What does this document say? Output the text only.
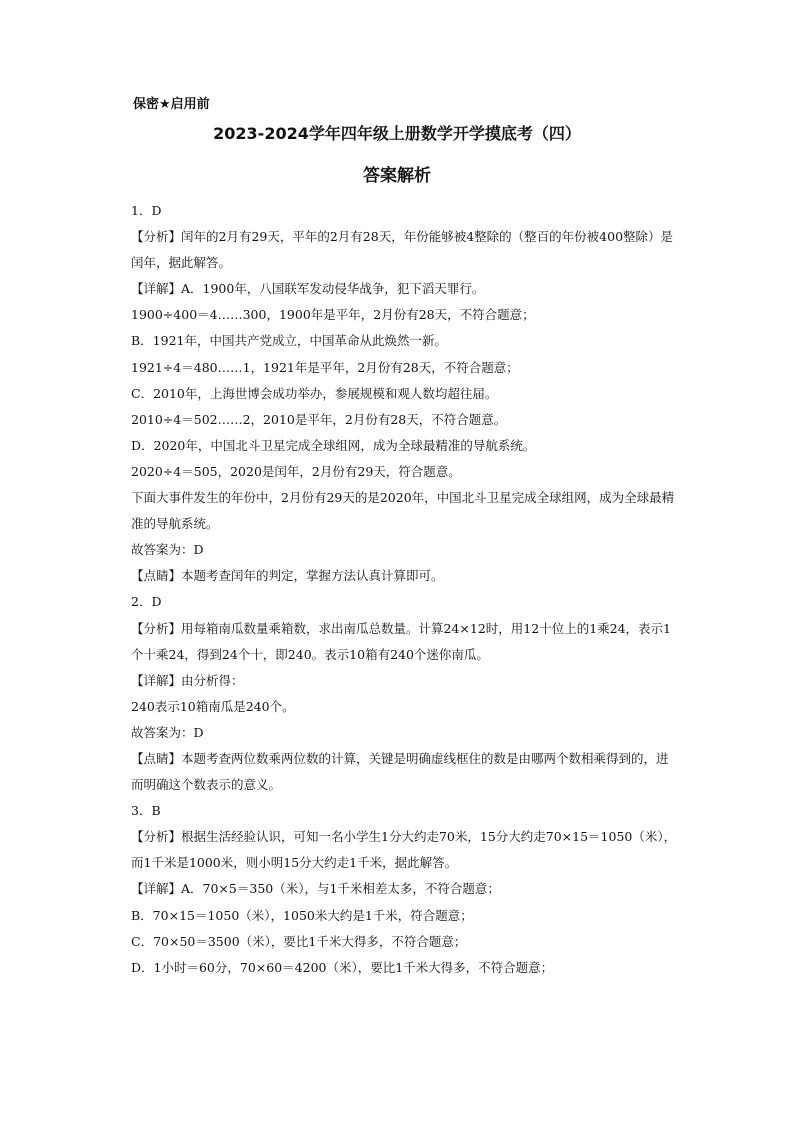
保密★启用前
2023-2024学年四年级上册数学开学摸底考（四）
答案解析

1．D

【分析】闰年的2月有29天，平年的2月有28天，年份能够被4整除的（整百的年份被400整除）是闰年，据此解答。

【详解】A．1900年，八国联军发动侵华战争，犯下滔天罪行。

1900÷400＝4……300，1900年是平年，2月份有28天，不符合题意；

B．1921年，中国共产党成立，中国革命从此焕然一新。

1921÷4＝480……1，1921年是平年，2月份有28天，不符合题意；

C．2010年，上海世博会成功举办，参展规模和观人数均超往届。

2010÷4＝502……2，2010是平年，2月份有28天，不符合题意。

D．2020年，中国北斗卫星完成全球组网，成为全球最精准的导航系统。

2020÷4＝505，2020是闰年，2月份有29天，符合题意。

下面大事件发生的年份中，2月份有29天的是2020年，中国北斗卫星完成全球组网，成为全球最精准的导航系统。

故答案为：D

【点睛】本题考查闰年的判定，掌握方法认真计算即可。

2．D

【分析】用每箱南瓜数量乘箱数，求出南瓜总数量。计算24×12时，用12十位上的1乘24，表示1个十乘24，得到24个十，即240。表示10箱有240个迷你南瓜。

【详解】由分析得：

240表示10箱南瓜是240个。

故答案为：D

【点睛】本题考查两位数乘两位数的计算，关键是明确虚线框住的数是由哪两个数相乘得到的，进而明确这个数表示的意义。

3．B

【分析】根据生活经验认识，可知一名小学生1分大约走70米，15分大约走70×15＝1050（米），而1千米是1000米，则小明15分大约走1千米，据此解答。

【详解】A．70×5＝350（米），与1千米相差太多，不符合题意；

B．70×15＝1050（米），1050米大约是1千米，符合题意；

C．70×50＝3500（米），要比1千米大得多，不符合题意；

D．1小时＝60分，70×60＝4200（米），要比1千米大得多，不符合题意；
